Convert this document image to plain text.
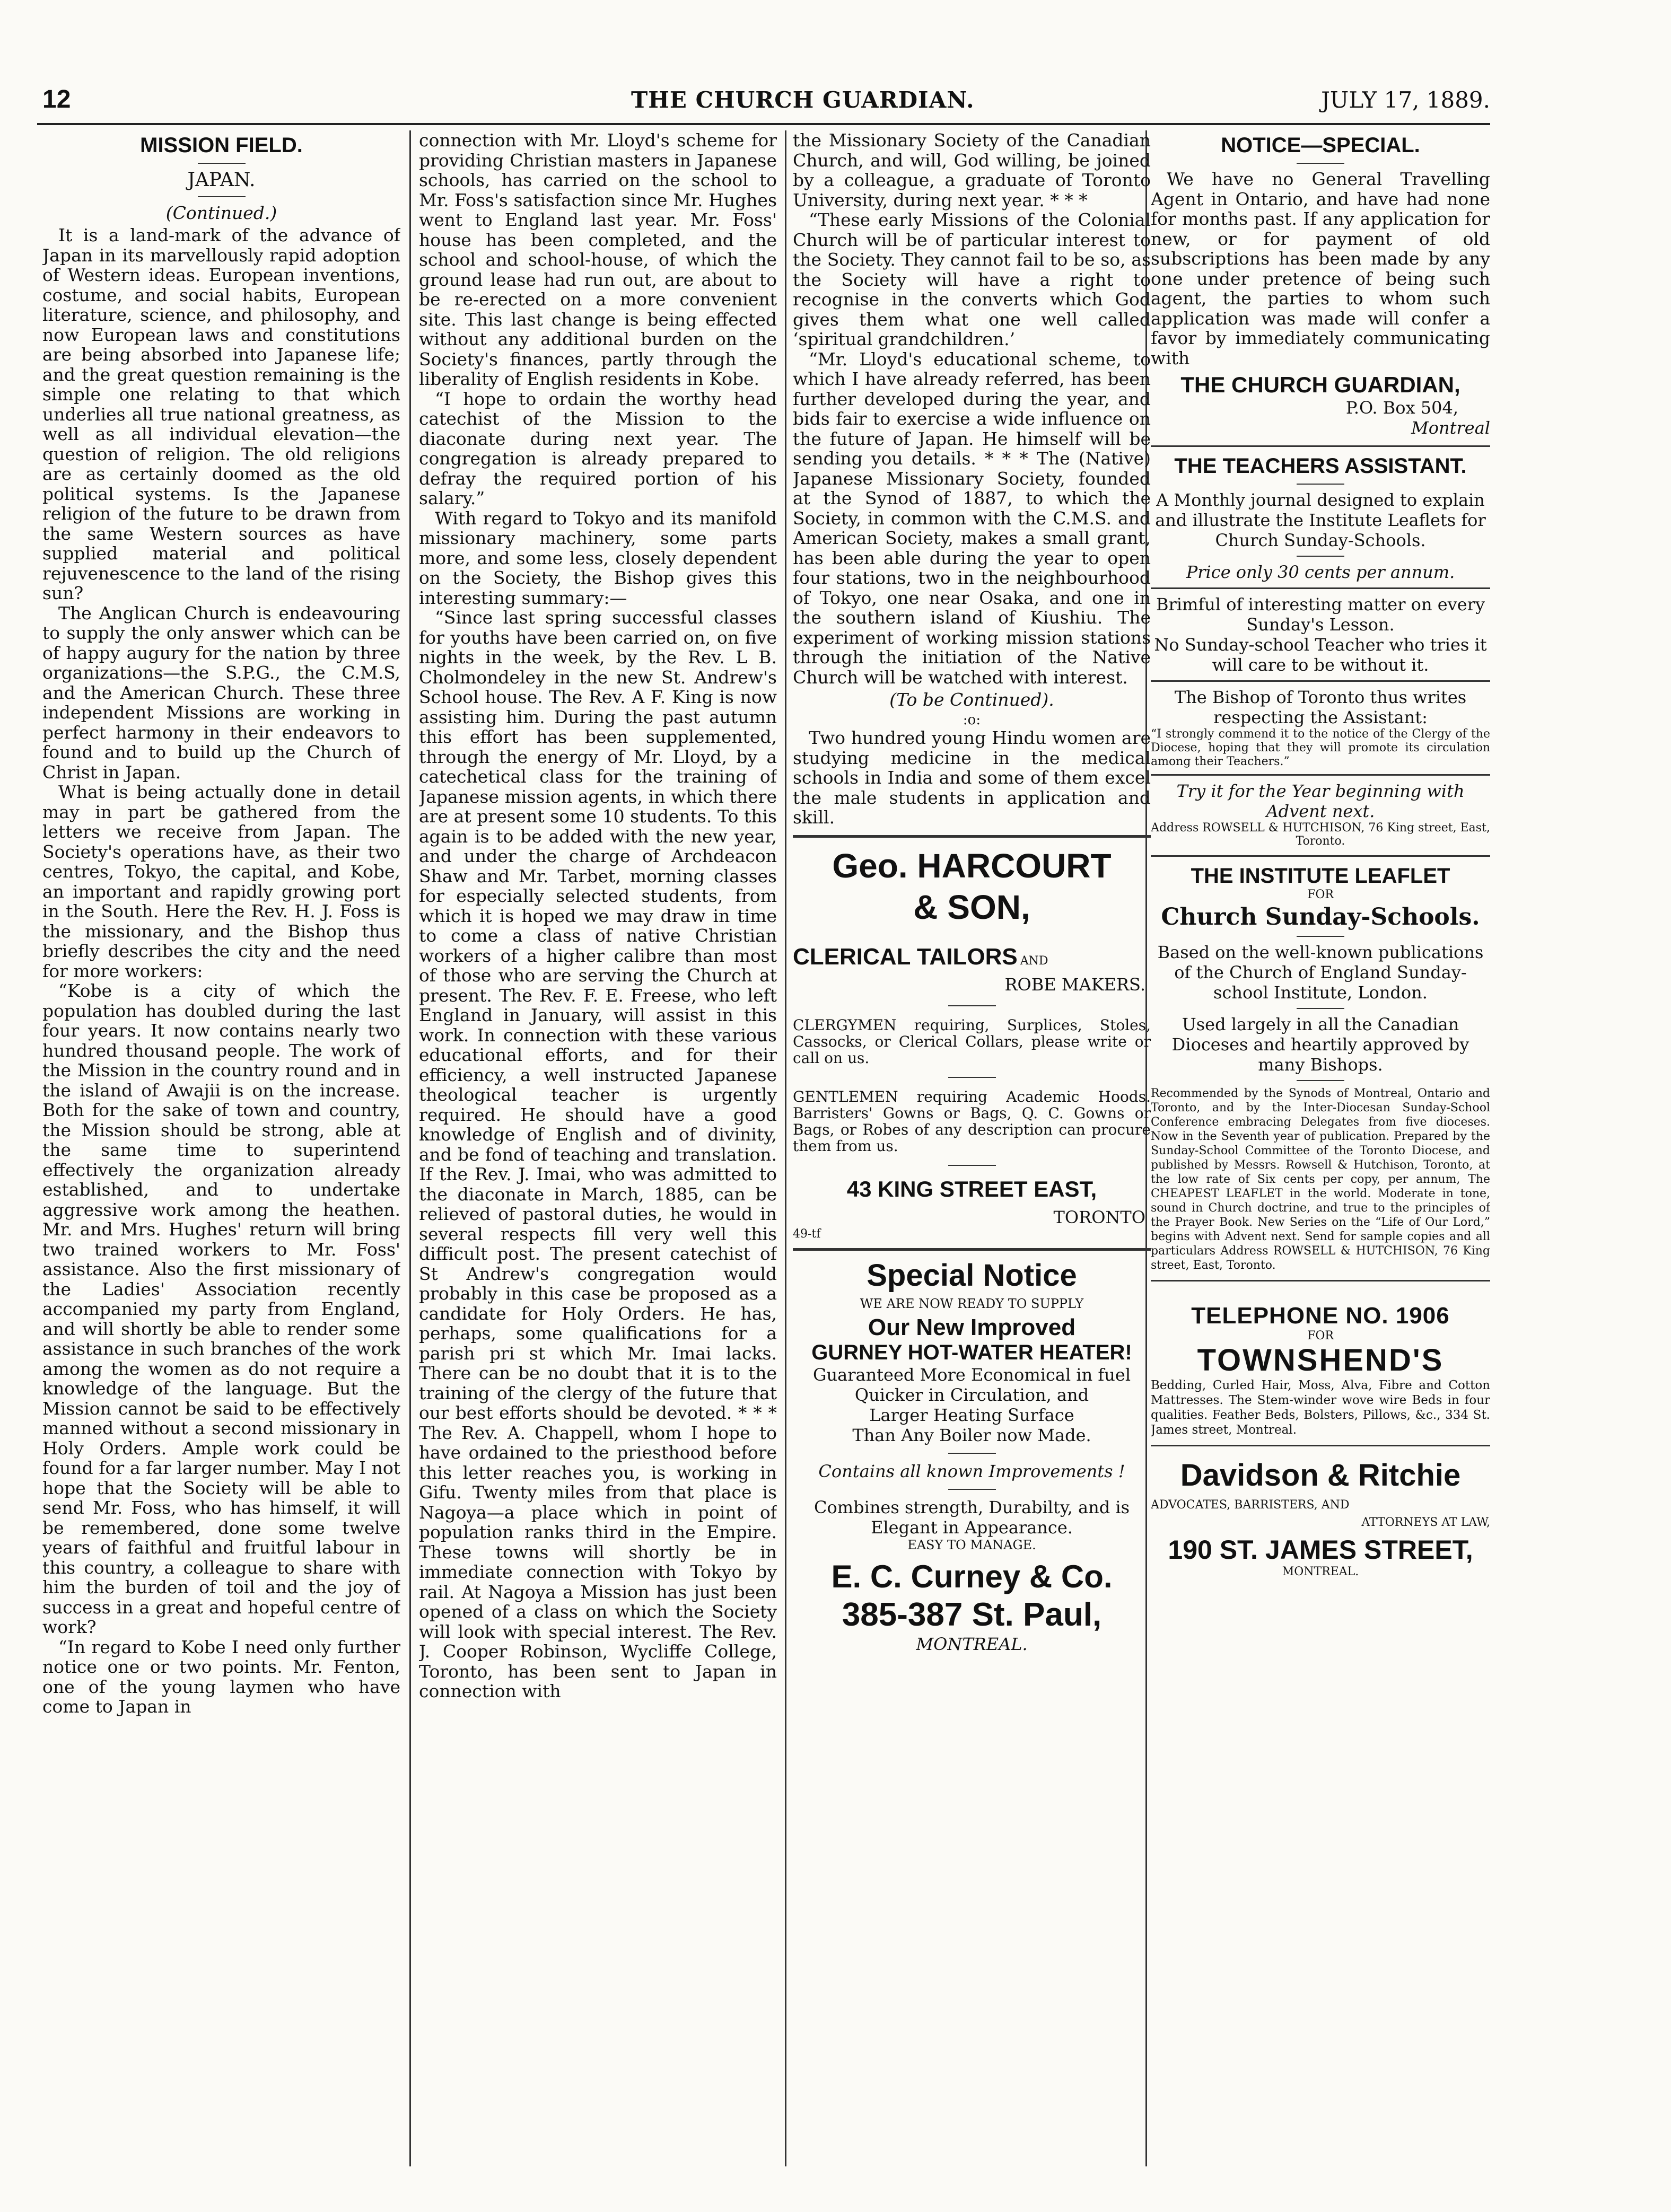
12	THE CHURCH GUARDIAN.	JULY 17, 1889.
MISSION FIELD.
JAPAN.
(Continued.)

It is a land-mark of the advance of Japan in its marvellously rapid adoption of Western ideas. European inventions, costume, and social habits, European literature, science, and philosophy, and now European laws and constitutions are being absorbed into Japanese life; and the great question remaining is the simple one relating to that which underlies all true national greatness, as well as all individual elevation—the question of religion. The old religions are as certainly doomed as the old political systems. Is the Japanese religion of the future to be drawn from the same Western sources as have supplied material and political rejuvenescence to the land of the rising sun?

The Anglican Church is endeavouring to supply the only answer which can be of happy augury for the nation by three organizations—the S.P.G., the C.M.S, and the American Church. These three independent Missions are working in perfect harmony in their endeavors to found and to build up the Church of Christ in Japan.

What is being actually done in detail may in part be gathered from the letters we receive from Japan. The Society's operations have, as their two centres, Tokyo, the capital, and Kobe, an important and rapidly growing port in the South. Here the Rev. H. J. Foss is the missionary, and the Bishop thus briefly describes the city and the need for more workers:

“Kobe is a city of which the population has doubled during the last four years. It now contains nearly two hundred thousand people. The work of the Mission in the country round and in the island of Awajii is on the increase. Both for the sake of town and country, the Mission should be strong, able at the same time to superintend effectively the organization already established, and to undertake aggressive work among the heathen. Mr. and Mrs. Hughes' return will bring two trained workers to Mr. Foss' assistance. Also the first missionary of the Ladies' Association recently accompanied my party from England, and will shortly be able to render some assistance in such branches of the work among the women as do not require a knowledge of the language. But the Mission cannot be said to be effectively manned without a second missionary in Holy Orders. Ample work could be found for a far larger number. May I not hope that the Society will be able to send Mr. Foss, who has himself, it will be remembered, done some twelve years of faithful and fruitful labour in this country, a colleague to share with him the burden of toil and the joy of success in a great and hopeful centre of work?

“In regard to Kobe I need only further notice one or two points. Mr. Fenton, one of the young laymen who have come to Japan in

connection with Mr. Lloyd's scheme for providing Christian masters in Japanese schools, has carried on the school to Mr. Foss's satisfaction since Mr. Hughes went to England last year. Mr. Foss' house has been completed, and the school and school-house, of which the ground lease had run out, are about to be re-erected on a more convenient site. This last change is being effected without any additional burden on the Society's finances, partly through the liberality of English residents in Kobe.

“I hope to ordain the worthy head catechist of the Mission to the diaconate during next year. The congregation is already prepared to defray the required portion of his salary.”

With regard to Tokyo and its manifold missionary machinery, some parts more, and some less, closely dependent on the Society, the Bishop gives this interesting summary:—

“Since last spring successful classes for youths have been carried on, on five nights in the week, by the Rev. L B. Cholmondeley in the new St. Andrew's School house. The Rev. A F. King is now assisting him. During the past autumn this effort has been supplemented, through the energy of Mr. Lloyd, by a catechetical class for the training of Japanese mission agents, in which there are at present some 10 students. To this again is to be added with the new year, and under the charge of Archdeacon Shaw and Mr. Tarbet, morning classes for especially selected students, from which it is hoped we may draw in time to come a class of native Christian workers of a higher calibre than most of those who are serving the Church at present. The Rev. F. E. Freese, who left England in January, will assist in this work. In connection with these various educational efforts, and for their efficiency, a well instructed Japanese theological teacher is urgently required. He should have a good knowledge of English and of divinity, and be fond of teaching and translation. If the Rev. J. Imai, who was admitted to the diaconate in March, 1885, can be relieved of pastoral duties, he would in several respects fill very well this difficult post. The present catechist of St Andrew's congregation would probably in this case be proposed as a candidate for Holy Orders. He has, perhaps, some qualifications for a parish pri st which Mr. Imai lacks. There can be no doubt that it is to the training of the clergy of the future that our best efforts should be devoted. * * * The Rev. A. Chappell, whom I hope to have ordained to the priesthood before this letter reaches you, is working in Gifu. Twenty miles from that place is Nagoya—a place which in point of population ranks third in the Empire. These towns will shortly be in immediate connection with Tokyo by rail. At Nagoya a Mission has just been opened of a class on which the Society will look with special interest. The Rev. J. Cooper Robinson, Wycliffe College, Toronto, has been sent to Japan in connection with

the Missionary Society of the Canadian Church, and will, God willing, be joined by a colleague, a graduate of Toronto University, during next year. * * *

“These early Missions of the Colonial Church will be of particular interest to the Society. They cannot fail to be so, as the Society will have a right to recognise in the converts which God gives them what one well called ‘spiritual grandchildren.’

“Mr. Lloyd's educational scheme, to which I have already referred, has been further developed during the year, and bids fair to exercise a wide influence on the future of Japan. He himself will be sending you details. * * * The (Native) Japanese Missionary Society, founded at the Synod of 1887, to which the Society, in common with the C.M.S. and American Society, makes a small grant, has been able during the year to open four stations, two in the neighbourhood of Tokyo, one near Osaka, and one in the southern island of Kiushiu. The experiment of working mission stations through the initiation of the Native Church will be watched with interest.

(To be Continued).
:o:

Two hundred young Hindu women are studying medicine in the medical schools in India and some of them excel the male students in application and skill.

Geo. HARCOURT
& SON,
CLERICAL TAILORS AND
ROBE MAKERS.
CLERGYMEN requiring, Surplices, Stoles, Cassocks, or Clerical Collars, please write or call on us.
GENTLEMEN requiring Academic Hoods. Barristers' Gowns or Bags, Q. C. Gowns or Bags, or Robes of any description can procure them from us.
43 KING STREET EAST,
TORONTO
49-tf
Special Notice
WE ARE NOW READY TO SUPPLY
Our New Improved
GURNEY HOT-WATER HEATER!
Guaranteed More Economical in fuel
Quicker in Circulation, and
Larger Heating Surface
Than Any Boiler now Made.
Contains all known Improvements !
Combines strength, Durabilty, and is Elegant in Appearance.
EASY TO MANAGE.
E. C. Curney & Co.
385-387 St. Paul,
MONTREAL.
NOTICE—SPECIAL.

We have no General Travelling Agent in Ontario, and have had none for months past. If any application for new, or for payment of old subscriptions has been made by any one under pretence of being such agent, the parties to whom such application was made will confer a favor by immediately communicating with

THE CHURCH GUARDIAN,
P.O. Box 504,
Montreal
THE TEACHERS ASSISTANT.
A Monthly journal designed to explain and illustrate the Institute Leaflets for Church Sunday-Schools.
Price only 30 cents per annum.
Brimful of interesting matter on every Sunday's Lesson.
No Sunday-school Teacher who tries it will care to be without it.
The Bishop of Toronto thus writes respecting the Assistant:
“I strongly commend it to the notice of the Clergy of the Diocese, hoping that they will promote its circulation among their Teachers.”
Try it for the Year beginning with Advent next.
Address ROWSELL & HUTCHISON, 76 King street, East, Toronto.
THE INSTITUTE LEAFLET
FOR
Church Sunday-Schools.
Based on the well-known publications of the Church of England Sunday-school Institute, London.
Used largely in all the Canadian Dioceses and heartily approved by many Bishops.
Recommended by the Synods of Montreal, Ontario and Toronto, and by the Inter-Diocesan Sunday-School Conference embracing Delegates from five dioceses. Now in the Seventh year of publication. Prepared by the Sunday-School Committee of the Toronto Diocese, and published by Messrs. Rowsell & Hutchison, Toronto, at the low rate of Six cents per copy, per annum, The CHEAPEST LEAFLET in the world. Moderate in tone, sound in Church doctrine, and true to the principles of the Prayer Book. New Series on the “Life of Our Lord,” begins with Advent next. Send for sample copies and all particulars Address ROWSELL & HUTCHISON, 76 King street, East, Toronto.
TELEPHONE NO. 1906
FOR
TOWNSHEND'S
Bedding, Curled Hair, Moss, Alva, Fibre and Cotton Mattresses. The Stem-winder wove wire Beds in four qualities. Feather Beds, Bolsters, Pillows, &c., 334 St. James street, Montreal.
Davidson & Ritchie
ADVOCATES, BARRISTERS, AND
ATTORNEYS AT LAW,
190 ST. JAMES STREET,
MONTREAL.
